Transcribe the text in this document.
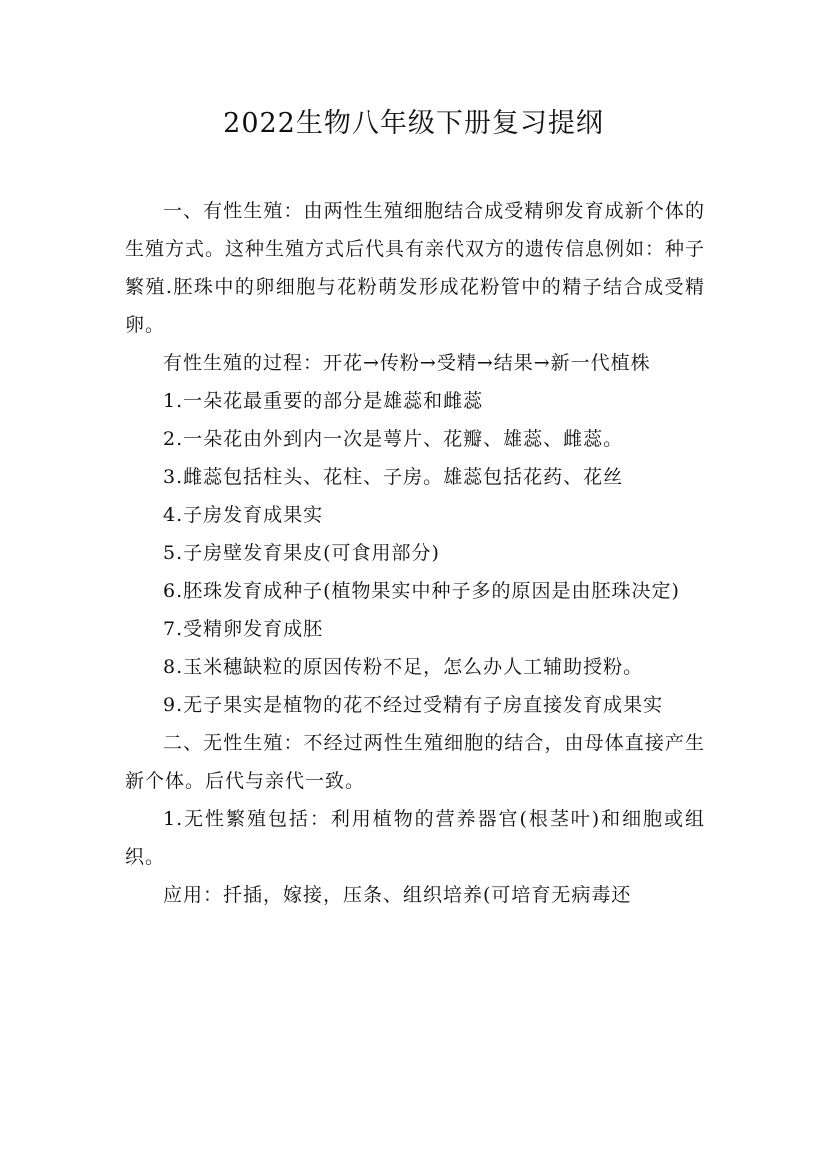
2022生物八年级下册复习提纲

一、有性生殖：由两性生殖细胞结合成受精卵发育成新个体的生殖方式。这种生殖方式后代具有亲代双方的遗传信息例如：种子繁殖.胚珠中的卵细胞与花粉萌发形成花粉管中的精子结合成受精卵。

有性生殖的过程：开花→传粉→受精→结果→新一代植株

1.一朵花最重要的部分是雄蕊和雌蕊

2.一朵花由外到内一次是萼片、花瓣、雄蕊、雌蕊。

3.雌蕊包括柱头、花柱、子房。雄蕊包括花药、花丝

4.子房发育成果实

5.子房壁发育果皮(可食用部分)

6.胚珠发育成种子(植物果实中种子多的原因是由胚珠决定)

7.受精卵发育成胚

8.玉米穗缺粒的原因传粉不足，怎么办人工辅助授粉。

9.无子果实是植物的花不经过受精有子房直接发育成果实

二、无性生殖：不经过两性生殖细胞的结合，由母体直接产生新个体。后代与亲代一致。

1.无性繁殖包括：利用植物的营养器官(根茎叶)和细胞或组织。

应用：扦插，嫁接，压条、组织培养(可培育无病毒还
